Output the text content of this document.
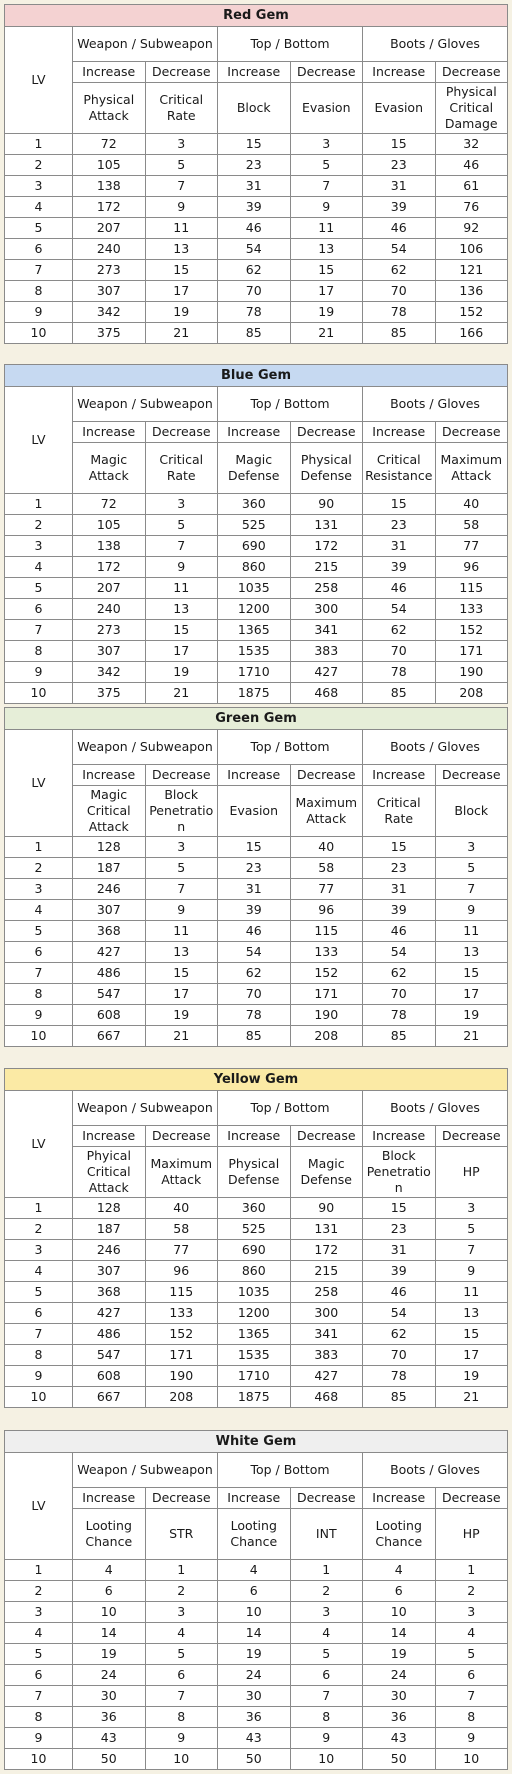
Red Gem						
LV	Weapon / Subweapon		Top / Bottom		Boots / Gloves	
	Increase	Decrease	Increase	Decrease	Increase	Decrease
	Physical Attack	Critical Rate	Block	Evasion	Evasion	Physical Critical Damage
1	72	3	15	3	15	32
2	105	5	23	5	23	46
3	138	7	31	7	31	61
4	172	9	39	9	39	76
5	207	11	46	11	46	92
6	240	13	54	13	54	106
7	273	15	62	15	62	121
8	307	17	70	17	70	136
9	342	19	78	19	78	152
10	375	21	85	21	85	166
Blue Gem						
LV	Weapon / Subweapon		Top / Bottom		Boots / Gloves	
	Increase	Decrease	Increase	Decrease	Increase	Decrease
	Magic Attack	Critical Rate	Magic Defense	Physical Defense	Critical Resistance	Maximum Attack
1	72	3	360	90	15	40
2	105	5	525	131	23	58
3	138	7	690	172	31	77
4	172	9	860	215	39	96
5	207	11	1035	258	46	115
6	240	13	1200	300	54	133
7	273	15	1365	341	62	152
8	307	17	1535	383	70	171
9	342	19	1710	427	78	190
10	375	21	1875	468	85	208
Green Gem						
LV	Weapon / Subweapon		Top / Bottom		Boots / Gloves	
	Increase	Decrease	Increase	Decrease	Increase	Decrease
	Magic Critical Attack	Block Penetratio n	Evasion	Maximum Attack	Critical Rate	Block
1	128	3	15	40	15	3
2	187	5	23	58	23	5
3	246	7	31	77	31	7
4	307	9	39	96	39	9
5	368	11	46	115	46	11
6	427	13	54	133	54	13
7	486	15	62	152	62	15
8	547	17	70	171	70	17
9	608	19	78	190	78	19
10	667	21	85	208	85	21
Yellow Gem						
LV	Weapon / Subweapon		Top / Bottom		Boots / Gloves	
	Increase	Decrease	Increase	Decrease	Increase	Decrease
	Phyical Critical Attack	Maximum Attack	Physical Defense	Magic Defense	Block Penetratio n	HP
1	128	40	360	90	15	3
2	187	58	525	131	23	5
3	246	77	690	172	31	7
4	307	96	860	215	39	9
5	368	115	1035	258	46	11
6	427	133	1200	300	54	13
7	486	152	1365	341	62	15
8	547	171	1535	383	70	17
9	608	190	1710	427	78	19
10	667	208	1875	468	85	21
White Gem						
LV	Weapon / Subweapon		Top / Bottom		Boots / Gloves	
	Increase	Decrease	Increase	Decrease	Increase	Decrease
	Looting Chance	STR	Looting Chance	INT	Looting Chance	HP
1	4	1	4	1	4	1
2	6	2	6	2	6	2
3	10	3	10	3	10	3
4	14	4	14	4	14	4
5	19	5	19	5	19	5
6	24	6	24	6	24	6
7	30	7	30	7	30	7
8	36	8	36	8	36	8
9	43	9	43	9	43	9
10	50	10	50	10	50	10
